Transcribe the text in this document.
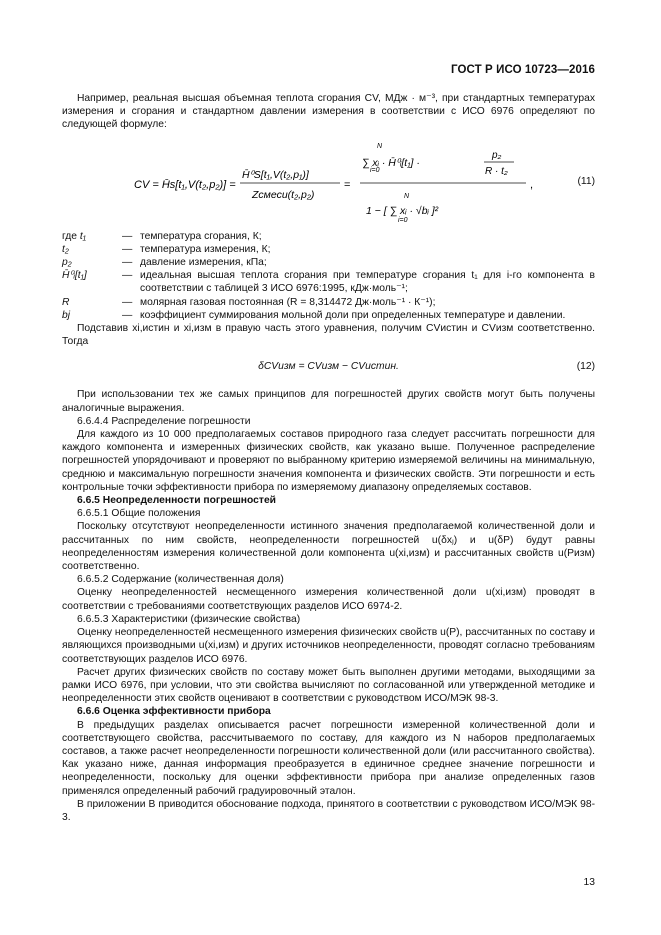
ГОСТ Р ИСО 10723—2016

Например, реальная высшая объемная теплота сгорания CV, МДж · м⁻³, при стандартных температурах измерения и сгорания и стандартном давлении измерения в соответствии с ИСО 6976 определяют по следующей формуле:

CV = H̄s[t₁,V(t₂,p₂)] =
H̄⁰S[t₁,V(t₂,p₁)]
Zсмеси(t₂,p₂)
=
N
i=0
∑ xᵢ · H̄⁰ᵢ[t₁] ·
p₂
R · t₂
N
i=0
1 − [ ∑ xᵢ · √bᵢ ]²
,	(11)
где t₁	— температура сгорания, К;
t₂	— температура измерения, К;
p₂	— давление измерения, кПа;
H̄⁰ᵢ[t₁]	— идеальная высшая теплота сгорания при температуре сгорания t₁ для i-го компонента в соответствии с таблицей 3 ИСО 6976:1995, кДж·моль⁻¹;
R	— молярная газовая постоянная (R = 8,314472 Дж·моль⁻¹ · К⁻¹);
bj	— коэффициент суммирования мольной доли при определенных температуре и давлении.

Подставив xi,истин и xi,изм в правую часть этого уравнения, получим CVистин и CVизм соответственно. Тогда

δCVизм = CVизм − CVистин.	(12)

При использовании тех же самых принципов для погрешностей других свойств могут быть получены аналогичные выражения.

6.6.4.4 Распределение погрешности

Для каждого из 10 000 предполагаемых составов природного газа следует рассчитать погрешности для каждого компонента и измеренных физических свойств, как указано выше. Полученное распределение погрешностей упорядочивают и проверяют по выбранному критерию измеряемой величины на минимальную, среднюю и максимальную погрешности значения компонента и физических свойств. Эти погрешности и есть контрольные точки эффективности прибора по измеряемому диапазону определяемых составов.

6.6.5 Неопределенности погрешностей

6.6.5.1 Общие положения

Поскольку отсутствуют неопределенности истинного значения предполагаемой количественной доли и рассчитанных по ним свойств, неопределенности погрешностей u(δxⱼ) и u(δP) будут равны неопределенностям измерения количественной доли компонента u(xi,изм) и рассчитанных свойств u(Pизм) соответственно.

6.6.5.2 Содержание (количественная доля)

Оценку неопределенностей несмещенного измерения количественной доли u(xi,изм) проводят в соответствии с требованиями соответствующих разделов ИСО 6974-2.

6.6.5.3 Характеристики (физические свойства)

Оценку неопределенностей несмещенного измерения физических свойств u(P), рассчитанных по составу и являющихся производными u(xi,изм) и других источников неопределенности, проводят согласно требованиям соответствующих разделов ИСО 6976.

Расчет других физических свойств по составу может быть выполнен другими методами, выходящими за рамки ИСО 6976, при условии, что эти свойства вычисляют по согласованной или утвержденной методике и неопределенности этих свойств оценивают в соответствии с руководством ИСО/МЭК 98-3.

6.6.6 Оценка эффективности прибора

В предыдущих разделах описывается расчет погрешности измеренной количественной доли и соответствующего свойства, рассчитываемого по составу, для каждого из N наборов предполагаемых составов, а также расчет неопределенности погрешности количественной доли (или рассчитанного свойства). Как указано ниже, данная информация преобразуется в единичное среднее значение погрешности и неопределенности, поскольку для оценки эффективности прибора при анализе определенных газов применялся определенный рабочий градуировочный эталон.

В приложении В приводится обоснование подхода, принятого в соответствии с руководством ИСО/МЭК 98-3.

13
